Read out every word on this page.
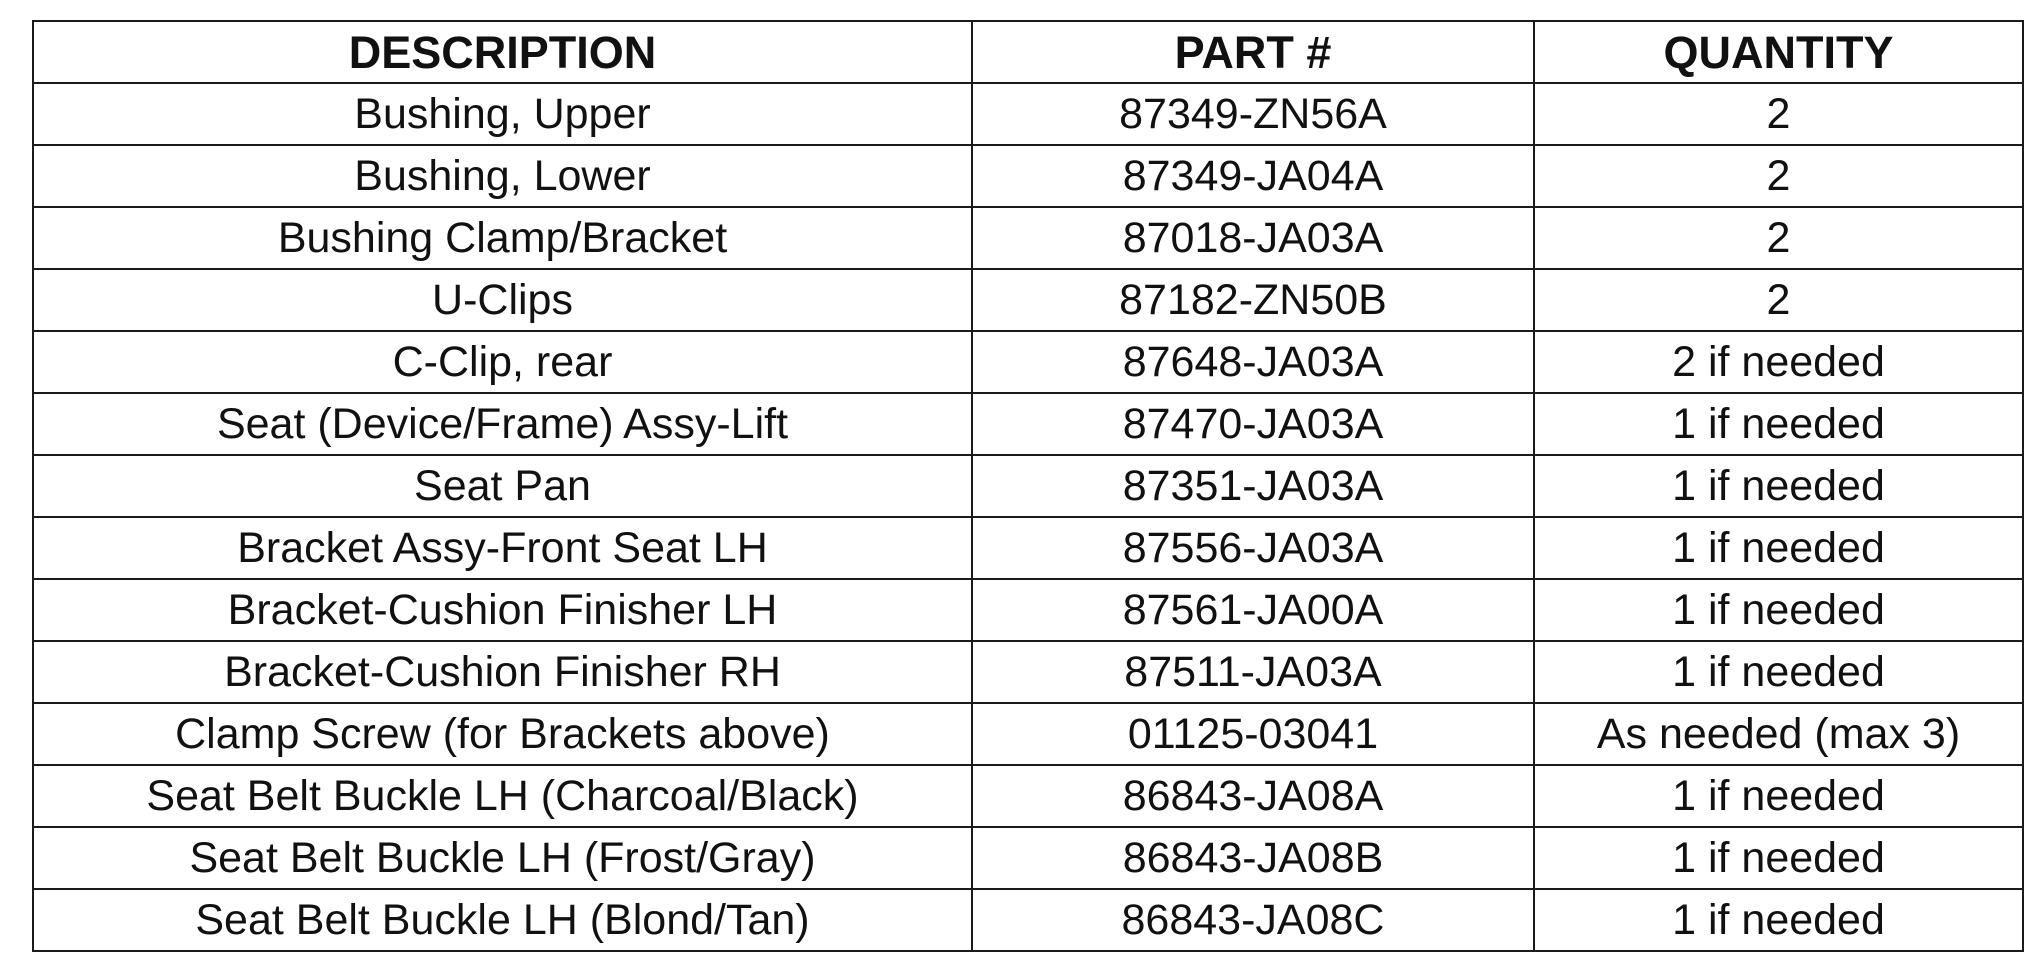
DESCRIPTION	PART #	QUANTITY
Bushing, Upper	87349-ZN56A	2
Bushing, Lower	87349-JA04A	2
Bushing Clamp/Bracket	87018-JA03A	2
U-Clips	87182-ZN50B	2
C-Clip, rear	87648-JA03A	2 if needed
Seat (Device/Frame) Assy-Lift	87470-JA03A	1 if needed
Seat Pan	87351-JA03A	1 if needed
Bracket Assy-Front Seat LH	87556-JA03A	1 if needed
Bracket-Cushion Finisher LH	87561-JA00A	1 if needed
Bracket-Cushion Finisher RH	87511-JA03A	1 if needed
Clamp Screw (for Brackets above)	01125-03041	As needed (max 3)
Seat Belt Buckle LH (Charcoal/Black)	86843-JA08A	1 if needed
Seat Belt Buckle LH (Frost/Gray)	86843-JA08B	1 if needed
Seat Belt Buckle LH (Blond/Tan)	86843-JA08C	1 if needed
